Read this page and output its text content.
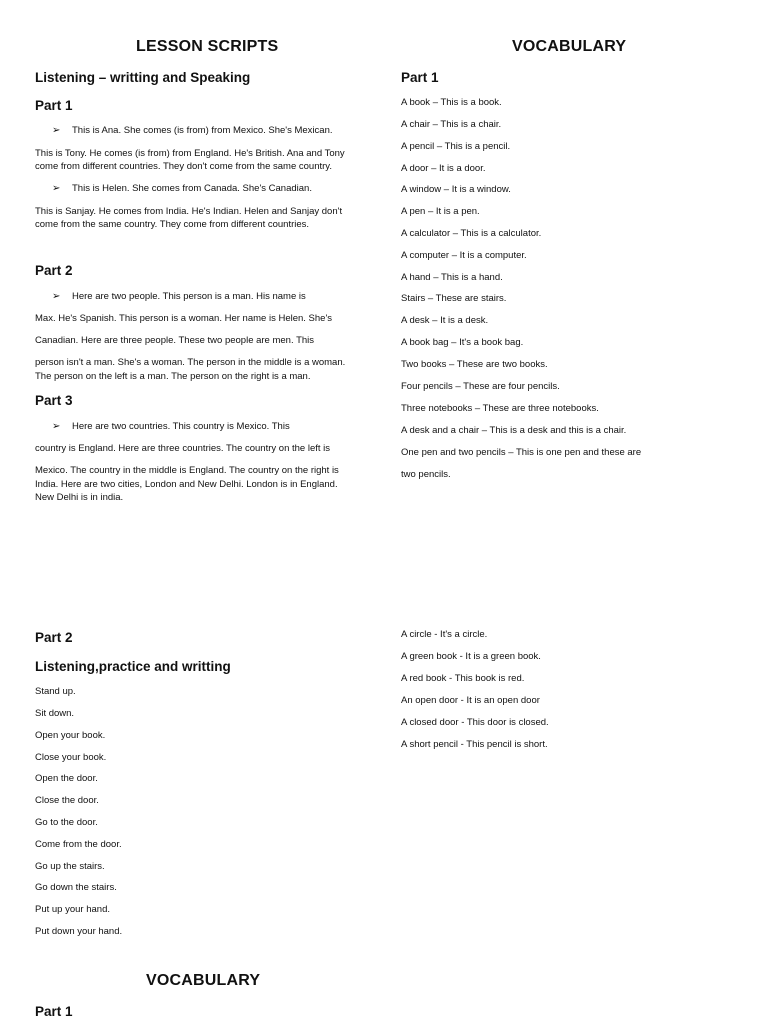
LESSON SCRIPTS
Listening – writting and Speaking
Part 1
➢ This is Ana. She comes (is from) from Mexico. She's Mexican.
This is Tony. He comes (is from) from England. He's British. Ana and Tony
come from different countries. They don't come from the same country.
➢ This is Helen. She comes from Canada. She's Canadian.
This is Sanjay. He comes from India. He's Indian. Helen and Sanjay don't
come from the same country. They come from different countries.
Part 2
➢ Here are two people. This person is a man. His name is
Max. He's Spanish. This person is a woman. Her name is Helen. She's
Canadian. Here are three people. These two people are men. This
person isn't a man. She's a woman. The person in the middle is a woman.
The person on the left is a man. The person on the right is a man.
Part 3
➢ Here are two countries. This country is Mexico. This
country is England. Here are three countries. The country on the left is
Mexico. The country in the middle is England. The country on the right is
India. Here are two cities, London and New Delhi. London is in England.
New Delhi is in india.
VOCABULARY
Part 1
A book – This is a book.
A chair – This is a chair.
A pencil – This is a pencil.
A door – It is a door.
A window – It is a window.
A pen – It is a pen.
A calculator – This is a calculator.
A computer – It is a computer.
A hand – This is a hand.
Stairs – These are stairs.
A desk – It is a desk.
A book bag – It's a book bag.
Two books – These are two books.
Four pencils – These are four pencils.
Three notebooks – These are three notebooks.
A desk and a chair – This is a desk and this is a chair.
One pen and two pencils – This is one pen and these are
two pencils.
Part 2
Listening,practice and writting
Stand up.
Sit down.
Open your book.
Close your book.
Open the door.
Close the door.
Go to the door.
Come from the door.
Go up the stairs.
Go down the stairs.
Put up your hand.
Put down your hand.
VOCABULARY
Part 1
A circle - It's a circle.
A green book - It is a green book.
A red book - This book is red.
An open door - It is an open door
A closed door - This door is closed.
A short pencil - This pencil is short.
